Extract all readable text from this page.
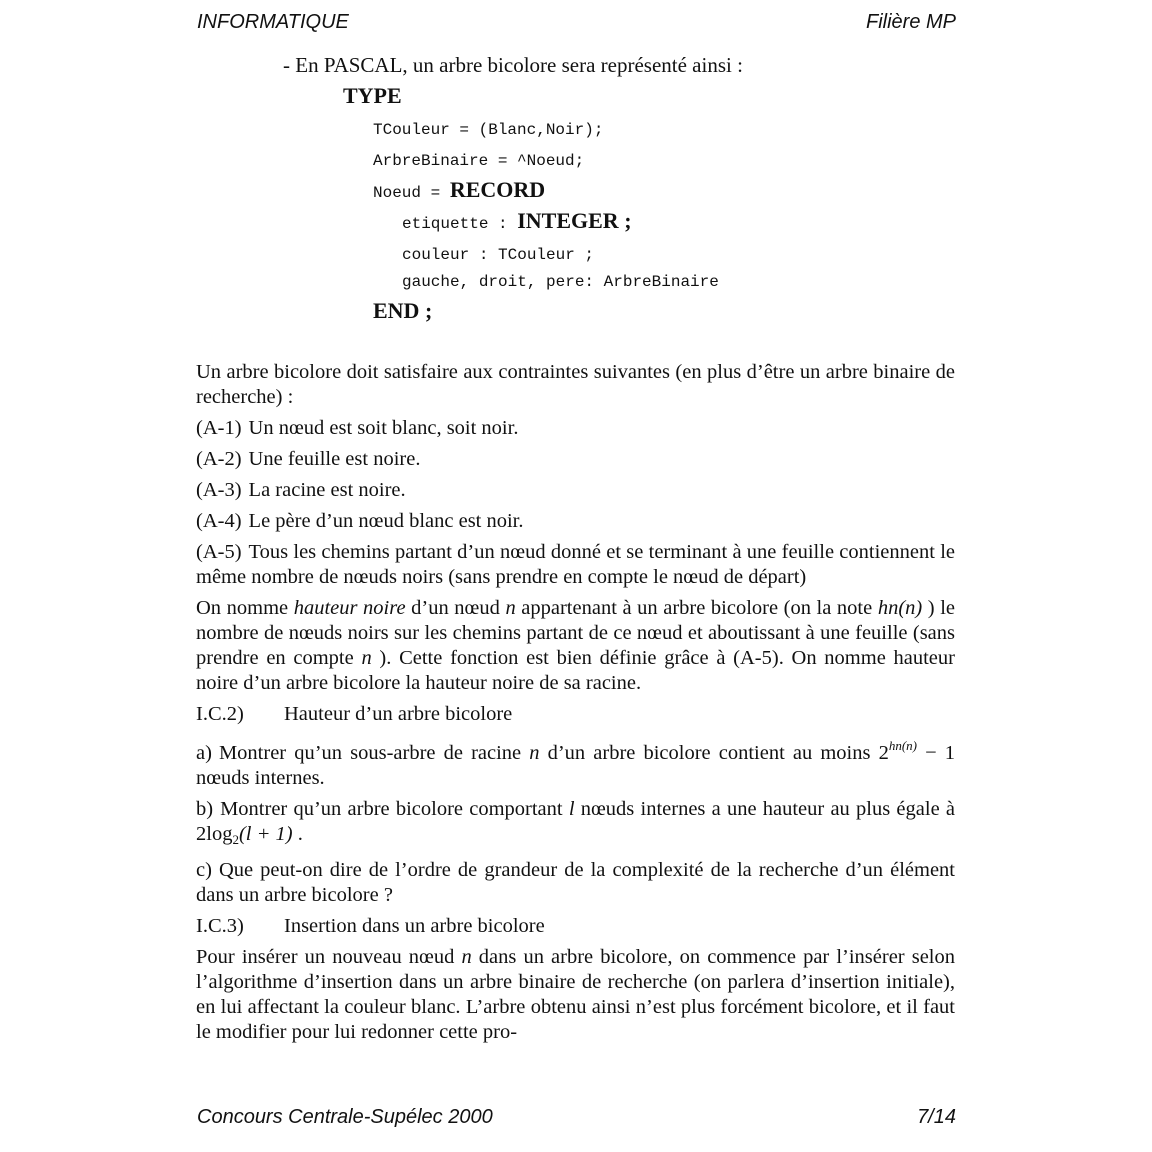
INFORMATIQUE	Filière MP
- En PASCAL, un arbre bicolore sera représenté ainsi :
TYPE
TCouleur = (Blanc,Noir);
ArbreBinaire = ^Noeud;
Noeud = RECORD
etiquette : INTEGER ;
couleur : TCouleur ;
gauche, droit, pere: ArbreBinaire
END ;

Un arbre bicolore doit satisfaire aux contraintes suivantes (en plus d’être un arbre binaire de recherche) :

(A-1) Un nœud est soit blanc, soit noir.

(A-2) Une feuille est noire.

(A-3) La racine est noire.

(A-4) Le père d’un nœud blanc est noir.

(A-5) Tous les chemins partant d’un nœud donné et se terminant à une feuille contiennent le même nombre de nœuds noirs (sans prendre en compte le nœud de départ)

On nomme hauteur noire d’un nœud n appartenant à un arbre bicolore (on la note hn(n) ) le nombre de nœuds noirs sur les chemins partant de ce nœud et aboutissant à une feuille (sans prendre en compte n ). Cette fonction est bien définie grâce à (A-5). On nomme hauteur noire d’un arbre bicolore la hauteur noire de sa racine.

I.C.2)	Hauteur d’un arbre bicolore

a) Montrer qu’un sous-arbre de racine n d’un arbre bicolore contient au moins $2^{hn(n)} - 1$ nœuds internes.

b) Montrer qu’un arbre bicolore comportant l nœuds internes a une hauteur au plus égale à $2\log_2(l + 1)$ .

c) Que peut-on dire de l’ordre de grandeur de la complexité de la recherche d’un élément dans un arbre bicolore ?

I.C.3)	Insertion dans un arbre bicolore

Pour insérer un nouveau nœud n dans un arbre bicolore, on commence par l’insérer selon l’algorithme d’insertion dans un arbre binaire de recherche (on parlera d’insertion initiale), en lui affectant la couleur blanc. L’arbre obtenu ainsi n’est plus forcément bicolore, et il faut le modifier pour lui redonner cette pro-

Concours Centrale-Supélec 2000	7/14
